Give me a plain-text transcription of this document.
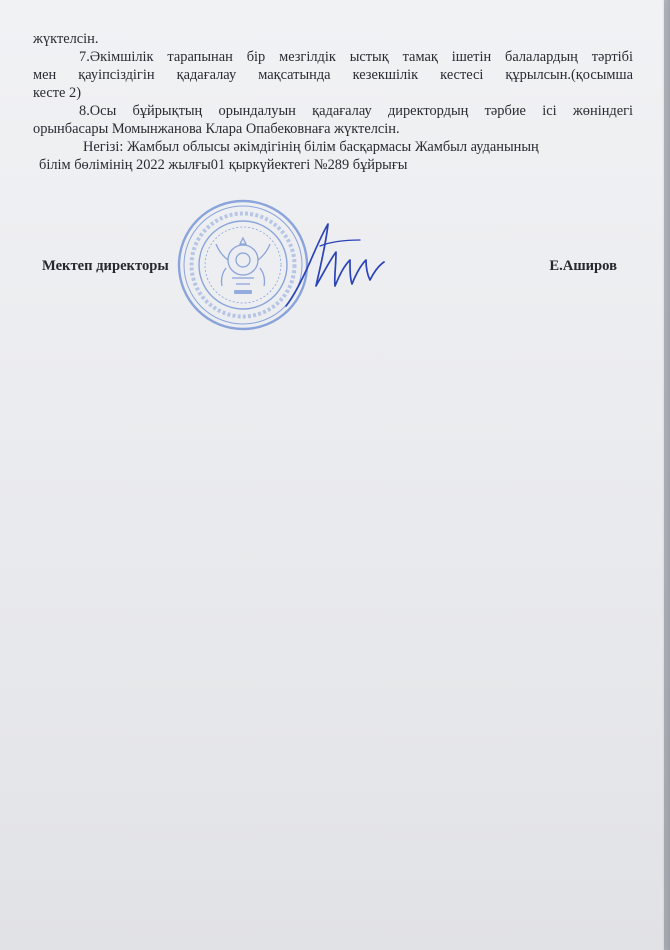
жүктелсін.
7.Әкімшілік тарапынан бір мезгілдік ыстық тамақ ішетін балалардың тәртібі
мен қауіпсіздігін қадағалау мақсатында кезекшілік кестесі құрылсын.(қосымша
кесте 2)
8.Осы бұйрықтың орындалуын қадағалау директордың тәрбие ісі жөніндегі
орынбасары Момынжанова Клара Опабековнаға жүктелсін.
Негізі: Жамбыл облысы әкімдігінің білім басқармасы Жамбыл ауданының
білім бөлімінің 2022 жылғы01 қыркүйектегі №289 бұйрығы
Мектеп директоры	Е.Аширов
